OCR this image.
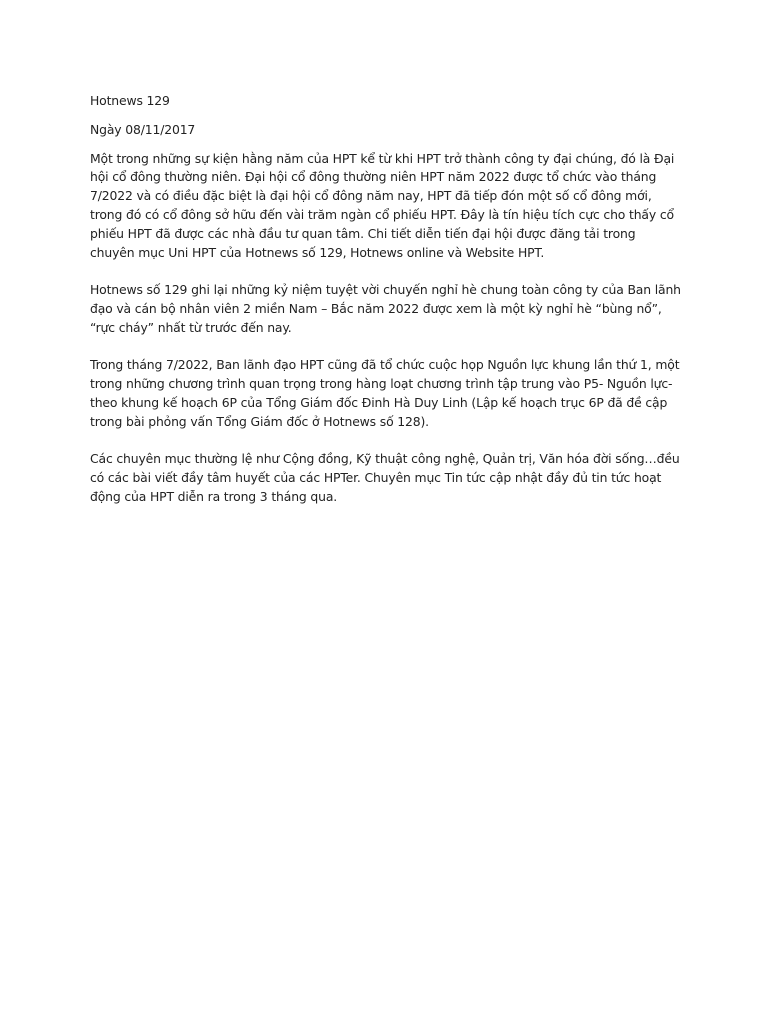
Hotnews 129

Ngày 08/11/2017

Một trong những sự kiện hằng năm của HPT kể từ khi HPT trở thành công ty đại chúng, đó là Đại hội cổ đông thường niên. Đại hội cổ đông thường niên HPT năm 2022 được tổ chức vào tháng 7/2022 và có điều đặc biệt là đại hội cổ đông năm nay, HPT đã tiếp đón một số cổ đông mới, trong đó có cổ đông sở hữu đến vài trăm ngàn cổ phiếu HPT. Đây là tín hiệu tích cực cho thấy cổ phiếu HPT đã được các nhà đầu tư quan tâm. Chi tiết diễn tiến đại hội được đăng tải trong chuyên mục Uni HPT của Hotnews số 129, Hotnews online và Website HPT.

Hotnews số 129 ghi lại những kỷ niệm tuyệt vời chuyến nghỉ hè chung toàn công ty của Ban lãnh đạo và cán bộ nhân viên 2 miền Nam – Bắc năm 2022 được xem là một kỳ nghỉ hè “bùng nổ”, “rực cháy” nhất từ trước đến nay.

Trong tháng 7/2022, Ban lãnh đạo HPT cũng đã tổ chức cuộc họp Nguồn lực khung lần thứ 1, một trong những chương trình quan trọng trong hàng loạt chương trình tập trung vào P5- Nguồn lực- theo khung kế hoạch 6P của Tổng Giám đốc Đinh Hà Duy Linh (Lập kế hoạch trục 6P đã đề cập trong bài phỏng vấn Tổng Giám đốc ở Hotnews số 128).

Các chuyên mục thường lệ như Cộng đồng, Kỹ thuật công nghệ, Quản trị, Văn hóa đời sống…đều có các bài viết đầy tâm huyết của các HPTer. Chuyên mục Tin tức cập nhật đầy đủ tin tức hoạt động của HPT diễn ra trong 3 tháng qua.
